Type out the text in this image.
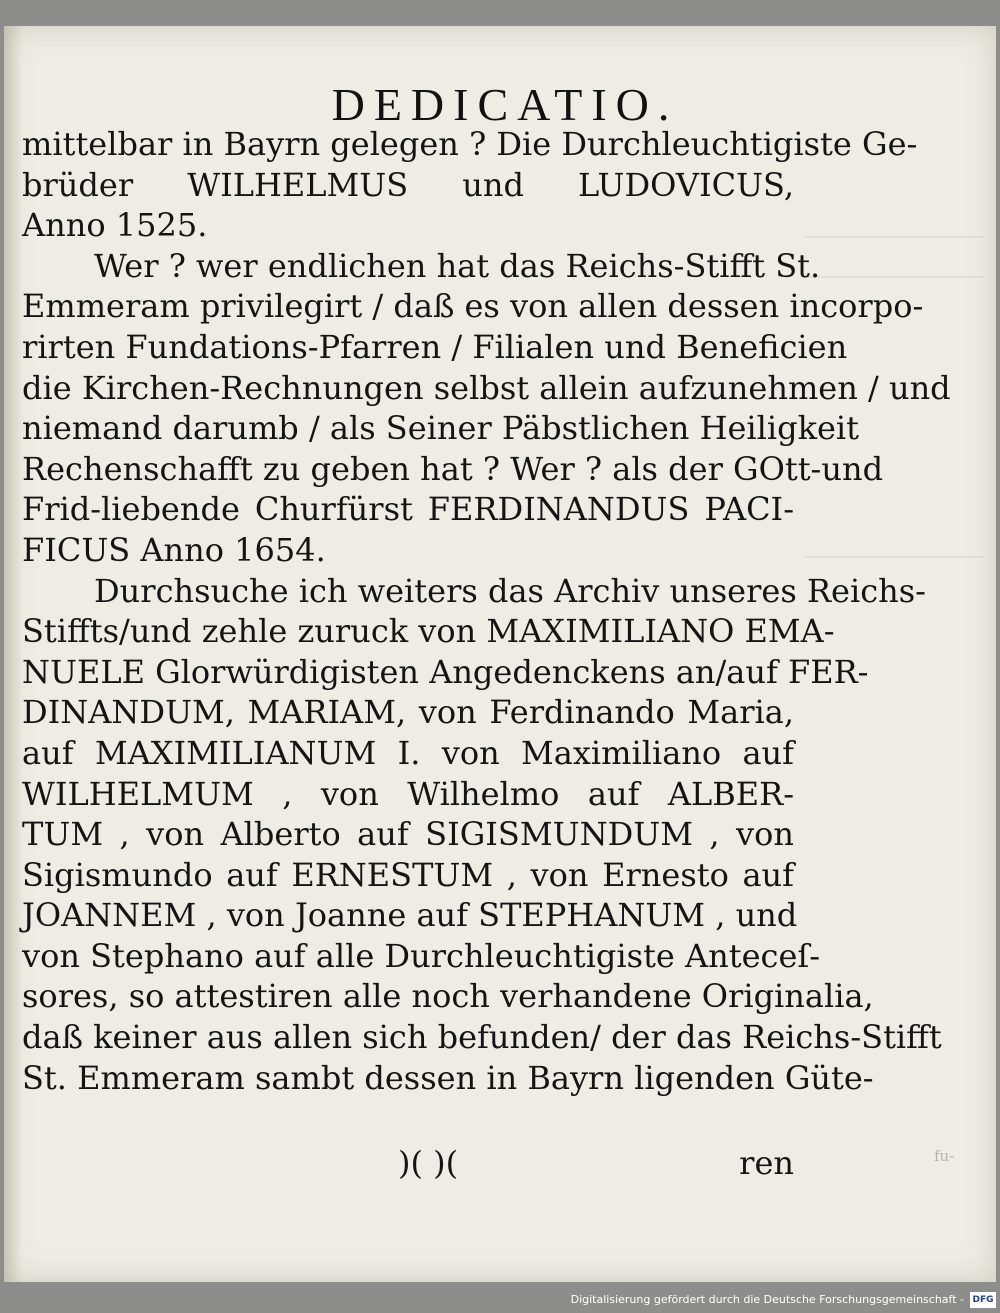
DEDICATIO.
mittelbar in Bayrn gelegen ? Die Durchleuchtigiste Ge-
brüder WILHELMUS und LUDOVICUS,
Anno 1525.
Wer ? wer endlichen hat das Reichs-Stifft St.
Emmeram privilegirt / daß es von allen dessen incorpo-
rirten Fundations-Pfarren / Filialen und Beneficien
die Kirchen-Rechnungen selbst allein aufzunehmen / und
niemand darumb / als Seiner Päbstlichen Heiligkeit
Rechenschafft zu geben hat ? Wer ? als der GOtt-und
Frid-liebende Churfürst FERDINANDUS PACI-
FICUS Anno 1654.
Durchsuche ich weiters das Archiv unseres Reichs-
Stiffts/und zehle zuruck von MAXIMILIANO EMA-
NUELE Glorwürdigisten Angedenckens an/auf FER-
DINANDUM, MARIAM, von Ferdinando Maria,
auf MAXIMILIANUM I. von Maximiliano auf
WILHELMUM , von Wilhelmo auf ALBER-
TUM , von Alberto auf SIGISMUNDUM , von
Sigismundo auf ERNESTUM , von Ernesto auf
JOANNEM , von Joanne auf STEPHANUM , und
von Stephano auf alle Durchleuchtigiste Anteceſ-
sores, so attestiren alle noch verhandene Originalia,
daß keiner aus allen sich befunden/ der das Reichs-Stifft
St. Emmeram sambt dessen in Bayrn ligenden Güte-
)( )(	ren	fu-
Digitalisierung gefördert durch die Deutsche Forschungsgemeinschaft - DFG
